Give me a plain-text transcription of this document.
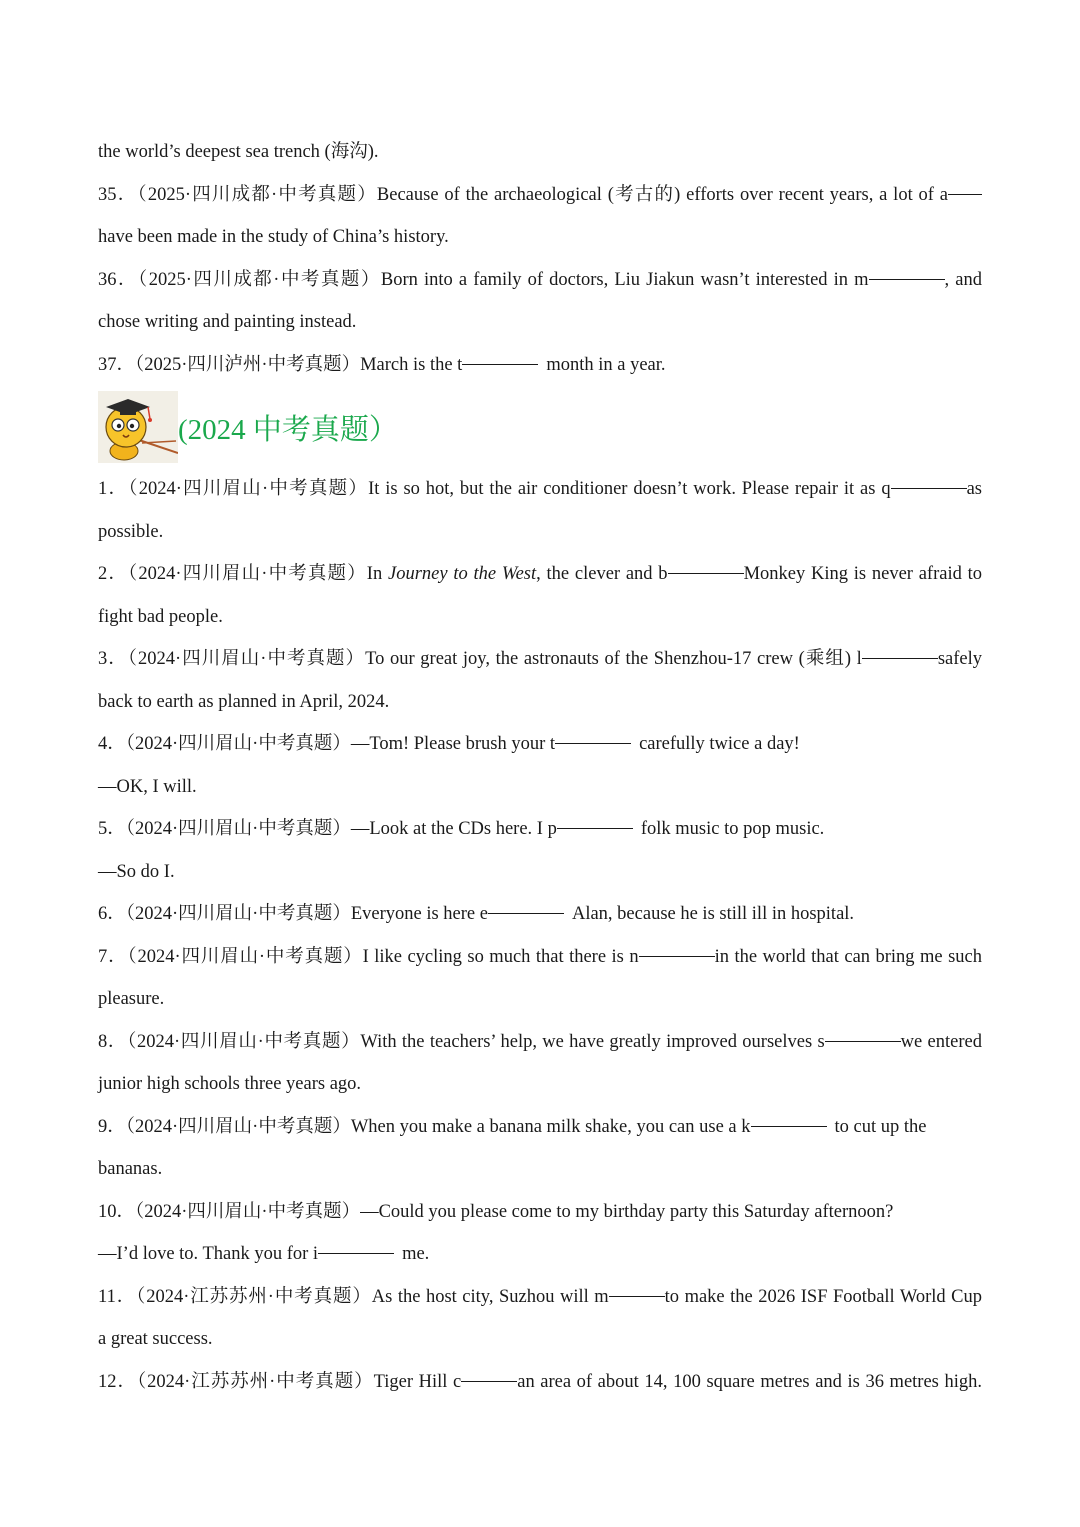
the world’s deepest sea trench (海沟).
35．（2025·四川成都·中考真题）Because of the archaeological (考古的) efforts over recent years, a lot of a
have been made in the study of China’s history.
36．（2025·四川成都·中考真题）Born into a family of doctors, Liu Jiakun wasn’t interested in m	, and
chose writing and painting instead.
37．（2025·四川泸州·中考真题）March is the t	month in a year.
(2024 中考真题）
1．（2024·四川眉山·中考真题）It is so hot, but the air conditioner doesn’t work. Please repair it as q	as
possible.
2．（2024·四川眉山·中考真题）In Journey to the West, the clever and b	Monkey King is never afraid to
fight bad people.
3．（2024·四川眉山·中考真题）To our great joy, the astronauts of the Shenzhou-17 crew (乘组) l	safely
back to earth as planned in April, 2024.
4．（2024·四川眉山·中考真题）—Tom! Please brush your t	carefully twice a day!
—OK, I will.
5．（2024·四川眉山·中考真题）—Look at the CDs here. I p	folk music to pop music.
—So do I.
6．（2024·四川眉山·中考真题）Everyone is here e	Alan, because he is still ill in hospital.
7．（2024·四川眉山·中考真题）I like cycling so much that there is n	in the world that can bring me such
pleasure.
8．（2024·四川眉山·中考真题）With the teachers’ help, we have greatly improved ourselves s	we entered
junior high schools three years ago.
9．（2024·四川眉山·中考真题）When you make a banana milk shake, you can use a k	to cut up the
bananas.
10．（2024·四川眉山·中考真题）—Could you please come to my birthday party this Saturday afternoon?
—I’d love to. Thank you for i	me.
11．（2024·江苏苏州·中考真题）As the host city, Suzhou will m	to make the 2026 ISF Football World Cup
a great success.
12．（2024·江苏苏州·中考真题）Tiger Hill c	an area of about 14, 100 square metres and is 36 metres high.
